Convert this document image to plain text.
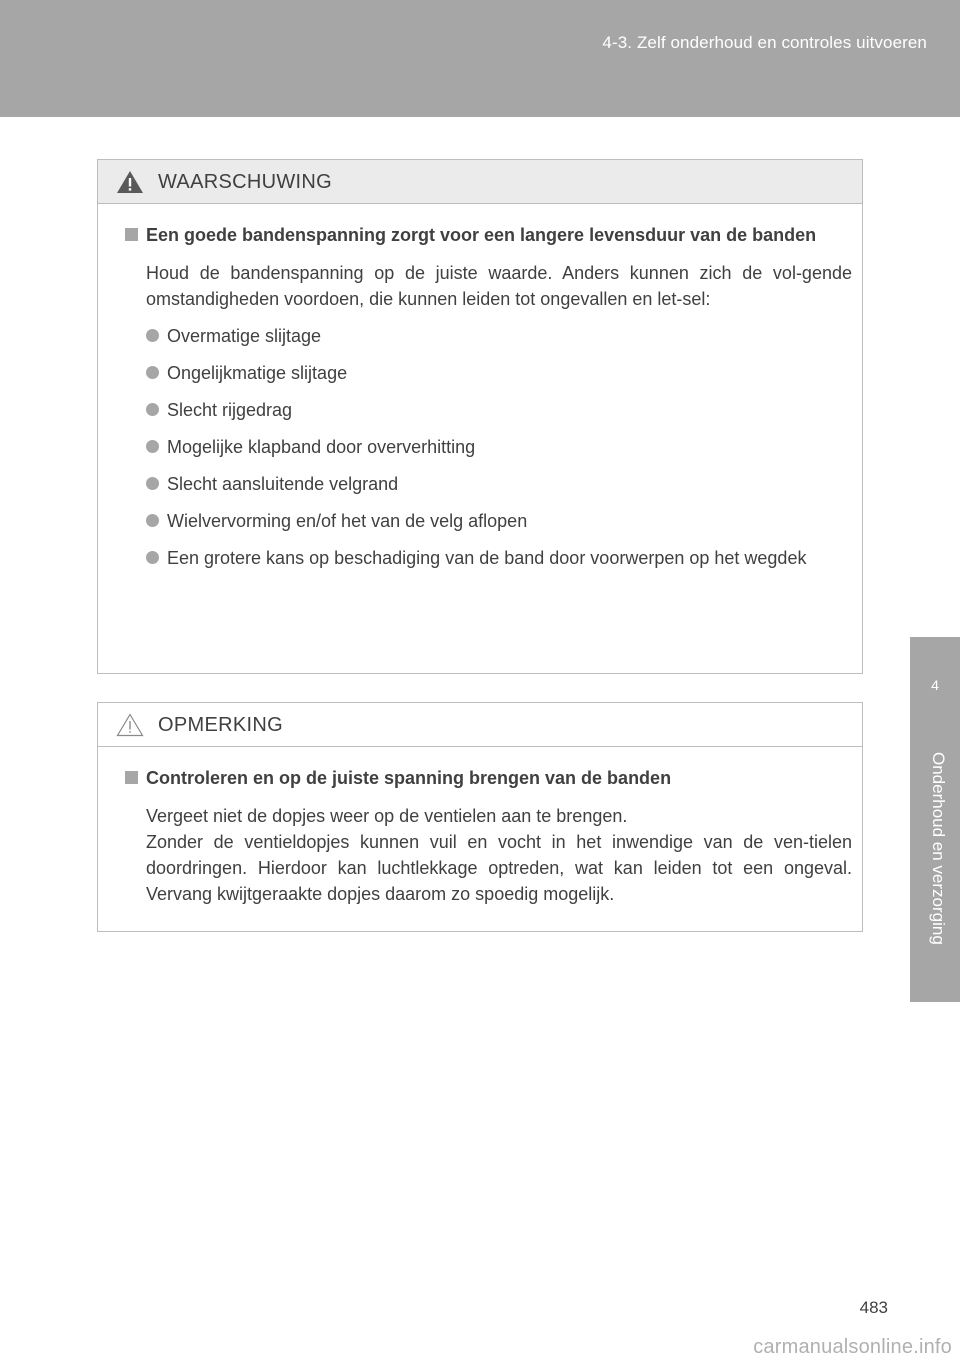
4-3. Zelf onderhoud en controles uitvoeren
4
Onderhoud en verzorging
WAARSCHUWING

Een goede bandenspanning zorgt voor een langere levensduur van de banden

Houd de bandenspanning op de juiste waarde. Anders kunnen zich de vol-gende omstandigheden voordoen, die kunnen leiden tot ongevallen en let-sel:

Overmatige slijtage
Ongelijkmatige slijtage
Slecht rijgedrag
Mogelijke klapband door oververhitting
Slecht aansluitende velgrand
Wielvervorming en/of het van de velg aflopen
Een grotere kans op beschadiging van de band door voorwerpen op het wegdek
OPMERKING

Controleren en op de juiste spanning brengen van de banden

Vergeet niet de dopjes weer op de ventielen aan te brengen.

Zonder de ventieldopjes kunnen vuil en vocht in het inwendige van de ven-tielen doordringen. Hierdoor kan luchtlekkage optreden, wat kan leiden tot een ongeval. Vervang kwijtgeraakte dopjes daarom zo spoedig mogelijk.

483
carmanualsonline.info
